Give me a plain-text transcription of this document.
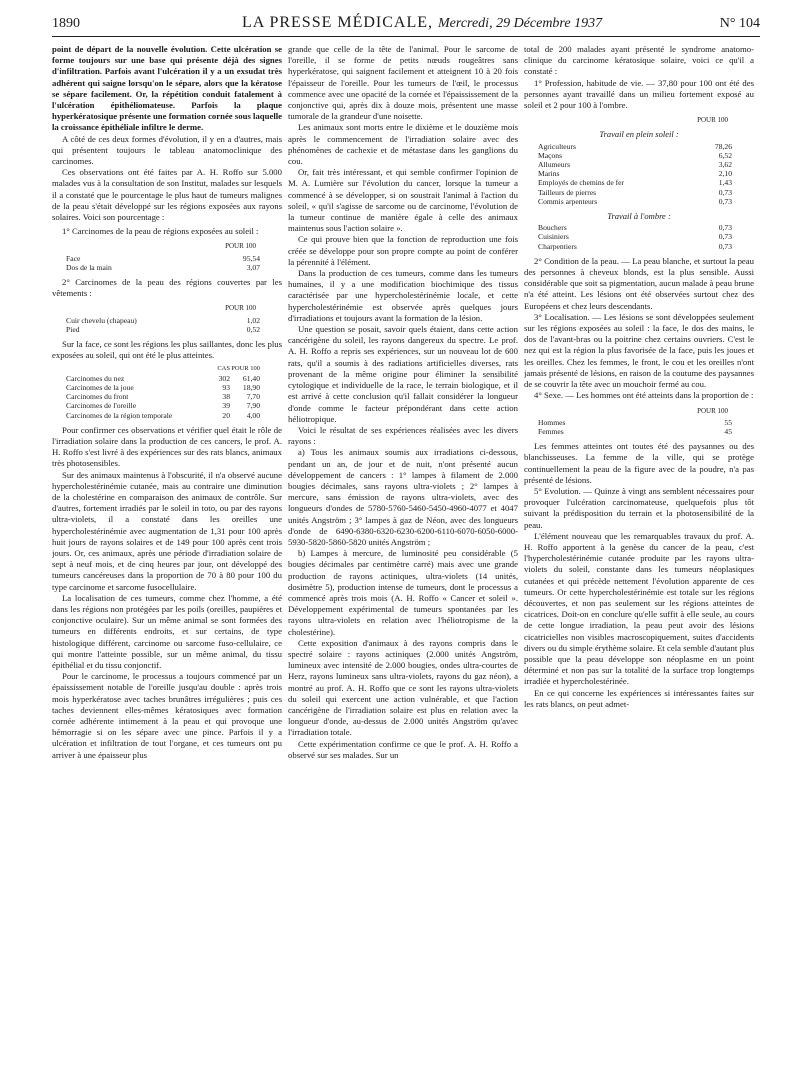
1890	LA PRESSE MÉDICALE, Mercredi, 29 Décembre 1937	N° 104

point de départ de la nouvelle évolution. Cette ulcération se forme toujours sur une base qui présente déjà des signes d'infiltration. Parfois avant l'ulcération il y a un exsudat très adhérent qui saigne lorsqu'on le sépare, alors que la kératose se sépare facilement. Or, la répétition conduit fatalement à l'ulcération épithéliomateuse. Parfois la plaque hyperkératosique présente une formation cornée sous laquelle la croissance épithéliale infiltre le derme.

A côté de ces deux formes d'évolution, il y en a d'autres, mais qui présentent toujours le tableau anatomoclinique des carcinomes.

Ces observations ont été faites par A. H. Roffo sur 5.000 malades vus à la consultation de son Institut, malades sur lesquels il a constaté que le pourcentage le plus haut de tumeurs malignes de la peau s'était développé sur les régions exposées aux rayons solaires. Voici son pourcentage :

1° Carcinomes de la peau de régions exposées au soleil :

POUR 100
Face	95,54
Dos de la main	3,07

2° Carcinomes de la peau des régions couvertes par les vêtements :

POUR 100
Cuir chevelu (chapeau)	1,02
Pied	0,52

Sur la face, ce sont les régions les plus saillantes, donc les plus exposées au soleil, qui ont été le plus atteintes.

	CAS	POUR 100
Carcinomes du nez	302	61,40
Carcinomes de la joue	93	18,90
Carcinomes du front	38	7,70
Carcinomes de l'oreille	39	7,90
Carcinomes de la région temporale	20	4,00

Pour confirmer ces observations et vérifier quel était le rôle de l'irradiation solaire dans la production de ces cancers, le prof. A. H. Roffo s'est livré à des expériences sur des rats blancs, animaux très photosensibles.

Sur des animaux maintenus à l'obscurité, il n'a observé aucune hypercholestérinémie cutanée, mais au contraire une diminution de la cholestérine en comparaison des animaux de contrôle. Sur d'autres, fortement irradiés par le soleil in toto, ou par des rayons ultra-violets, il a constaté dans les oreilles une hypercholestérinémie avec augmentation de 1,31 pour 100 après huit jours de rayons solaires et de 149 pour 100 après cent trois jours. Or, ces animaux, après une période d'irradiation solaire de sept à neuf mois, et de cinq heures par jour, ont développé des tumeurs cancéreuses dans la proportion de 70 à 80 pour 100 du type carcinome et sarcome fusocellulaire.

La localisation de ces tumeurs, comme chez l'homme, a été dans les régions non protégées par les poils (oreilles, paupières et conjonctive oculaire). Sur un même animal se sont formées des tumeurs en différents endroits, et sur certains, de type histologique différent, carcinome ou sarcome fuso-cellulaire, ce qui montre l'atteinte possible, sur un même animal, du tissu épithélial et du tissu conjonctif.

Pour le carcinome, le processus a toujours commencé par un épaississement notable de l'oreille jusqu'au double : après trois mois hyperkératose avec taches brunâtres irrégulières ; puis ces taches deviennent elles-mêmes kératosiques avec formation cornée adhérente intimement à la peau et qui provoque une hémorragie si on les sépare avec une pince. Parfois il y a ulcération et infiltration de tout l'organe, et ces tumeurs ont pu arriver à une épaisseur plus

grande que celle de la tête de l'animal. Pour le sarcome de l'oreille, il se forme de petits nœuds rougeâtres sans hyperkératose, qui saignent facilement et atteignent 10 à 20 fois l'épaisseur de l'oreille. Pour les tumeurs de l'œil, le processus commence avec une opacité de la cornée et l'épaississement de la conjonctive qui, après dix à douze mois, présentent une masse tumorale de la grandeur d'une noisette.

Les animaux sont morts entre le dixième et le douzième mois après le commencement de l'irradiation solaire avec des phénomènes de cachexie et de métastase dans les ganglions du cou.

Or, fait très intéressant, et qui semble confirmer l'opinion de M. A. Lumière sur l'évolution du cancer, lorsque la tumeur a commencé à se développer, si on soustrait l'animal à l'action du soleil, « qu'il s'agisse de sarcome ou de carcinome, l'évolution de la tumeur continue de manière égale à celle des animaux maintenus sous l'action solaire ».

Ce qui prouve bien que la fonction de reproduction une fois créée se développe pour son propre compte au point de conférer la pérennité à l'élément.

Dans la production de ces tumeurs, comme dans les tumeurs humaines, il y a une modification biochimique des tissus caractérisée par une hypercholestérinémie locale, et cette hypercholestérinémie est observée après quelques jours d'irradiations et toujours avant la formation de la lésion.

Une question se posait, savoir quels étaient, dans cette action cancérigène du soleil, les rayons dangereux du spectre. Le prof. A. H. Roffo a repris ses expériences, sur un nouveau lot de 600 rats, qu'il a soumis à des radiations artificielles diverses, rats provenant de la même origine pour éliminer la sensibilité cytologique et individuelle de la race, le terrain biologique, et il est arrivé à cette conclusion qu'il fallait considérer la longueur d'onde comme le facteur prépondérant dans cette action héliotropique.

Voici le résultat de ses expériences réalisées avec les divers rayons :

a) Tous les animaux soumis aux irradiations ci-dessous, pendant un an, de jour et de nuit, n'ont présenté aucun développement de cancers : 1° lampes à filament de 2.000 bougies décimales, sans rayons ultra-violets ; 2° lampes à mercure, sans émission de rayons ultra-violets, avec des longueurs d'ondes de 5780-5760-5460-5450-4960-4077 et 4047 unités Angström ; 3° lampes à gaz de Néon, avec des longueurs d'onde de 6490-6380-6320-6230-6200-6110-6070-6050-6000-5930-5820-5860-5820 unités Angström ;

b) Lampes à mercure, de luminosité peu considérable (5 bougies décimales par centimètre carré) mais avec une grande production de rayons actiniques, ultra-violets (14 unités, dosimètre 5), production intense de tumeurs, dont le processus a commencé après trois mois (A. H. Roffo « Cancer et soleil ». Développement expérimental de tumeurs spontanées par les rayons ultra-violets en relation avec l'héliotropisme de la cholestérine).

Cette exposition d'animaux à des rayons compris dans le spectré solaire : rayons actiniques (2.000 unités Angström, lumineux avec intensité de 2.000 bougies, ondes ultra-courtes de Herz, rayons lumineux sans ultra-violets, rayons du gaz néon), a montré au prof. A. H. Roffo que ce sont les rayons ultra-violets du soleil qui exercent une action vulnérable, et que l'action cancérigène de l'irradiation solaire est plus en relation avec la longueur d'onde, au-dessus de 2.000 unités Angström qu'avec l'irradiation totale.

Cette expérimentation confirme ce que le prof. A. H. Roffo a observé sur ses malades. Sur un

total de 200 malades ayant présenté le syndrome anatomo-clinique du carcinome kératosique solaire, voici ce qu'il a constaté :

1° Profession, habitude de vie. — 37,80 pour 100 ont été des personnes ayant travaillé dans un milieu fortement exposé au soleil et 2 pour 100 à l'ombre.

POUR 100
Travail en plein soleil :
Agriculteurs	78,26
Maçons	6,52
Allumeurs	3,62
Marins	2,10
Employés de chemins de fer	1,43
Tailleurs de pierres	0,73
Commis arpenteurs	0,73
Travail à l'ombre :
Bouchers	0,73
Cuisiniers	0,73
Charpentiers	0,73

2° Condition de la peau. — La peau blanche, et surtout la peau des personnes à cheveux blonds, est la plus sensible. Aussi considérable que soit sa pigmentation, aucun malade à peau brune n'a été atteint. Les lésions ont été observées surtout chez des Européens et chez leurs descendants.

3° Localisation. — Les lésions se sont développées seulement sur les régions exposées au soleil : la face, le dos des mains, le dos de l'avant-bras ou la poitrine chez certains ouvriers. C'est le nez qui est la région la plus favorisée de la face, puis les joues et les oreilles. Chez les femmes, le front, le cou et les oreilles n'ont jamais présenté de lésions, en raison de la coutume des paysannes de se couvrir la tête avec un mouchoir fermé au cou.

4° Sexe. — Les hommes ont été atteints dans la proportion de :

POUR 100
Hommes	55
Femmes	45

Les femmes atteintes ont toutes été des paysannes ou des blanchisseuses. La femme de la ville, qui se protège continuellement la peau de la figure avec de la poudre, n'a pas présenté de lésions.

5° Evolution. — Quinze à vingt ans semblent nécessaires pour provoquer l'ulcération carcinomateuse, quelquefois plus tôt suivant la prédisposition du terrain et la photosensibilité de la peau.

L'élément nouveau que les remarquables travaux du prof. A. H. Roffo apportent à la genèse du cancer de la peau, c'est l'hypercholestérinémie cutanée produite par les rayons ultra-violets du soleil, constante dans les tumeurs néoplasiques cutanées et qui précède nettement l'évolution apparente de ces tumeurs. Or cette hypercholestérinémie est totale sur les régions découvertes, et non pas seulement sur les régions atteintes de cicatrices. Doit-on en conclure qu'elle suffit à elle seule, au cours de cette longue irradiation, la peau peut avoir des lésions cicatricielles non visibles macroscopiquement, suites d'accidents divers ou du simple érythème solaire. Et cela semble d'autant plus possible que la peau développe son néoplasme en un point déterminé et non pas sur la totalité de la surface trop longtemps irradiée et hypercholestérinée.

En ce qui concerne les expériences si intéressantes faites sur les rats blancs, on peut admet-
